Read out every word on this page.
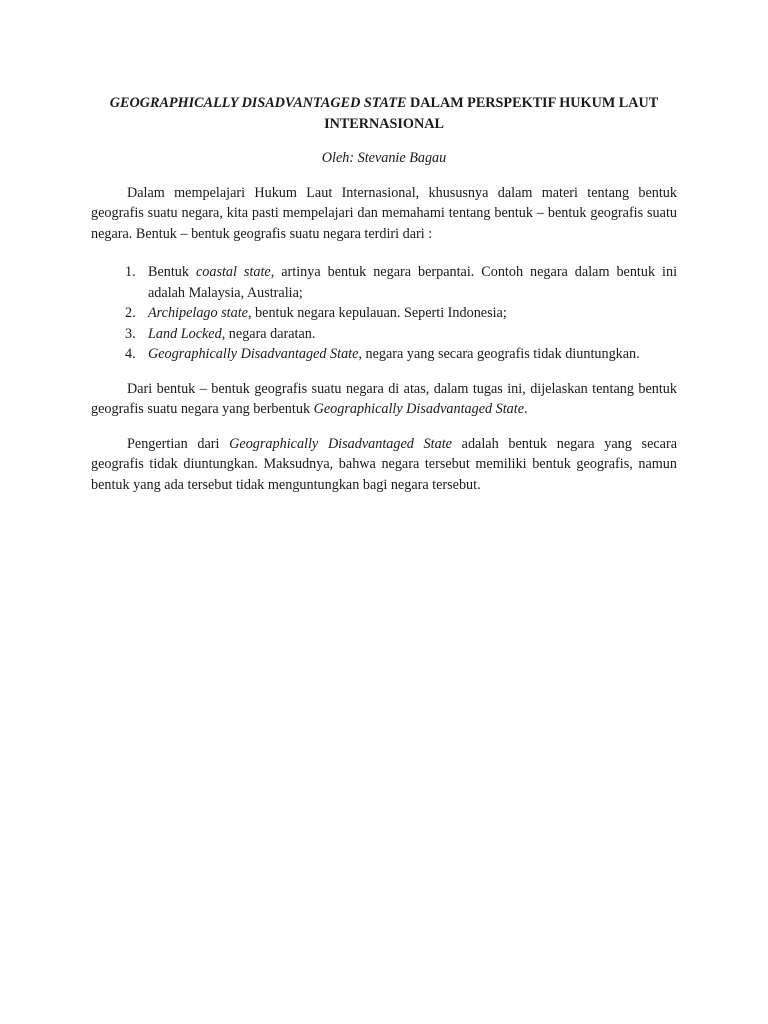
GEOGRAPHICALLY DISADVANTAGED STATE DALAM PERSPEKTIF HUKUM LAUT INTERNASIONAL

Oleh: Stevanie Bagau

Dalam mempelajari Hukum Laut Internasional, khususnya dalam materi tentang bentuk geografis suatu negara, kita pasti mempelajari dan memahami tentang bentuk – bentuk geografis suatu negara. Bentuk – bentuk geografis suatu negara terdiri dari :

1. Bentuk coastal state, artinya bentuk negara berpantai. Contoh negara dalam bentuk ini adalah Malaysia, Australia;
2. Archipelago state, bentuk negara kepulauan. Seperti Indonesia;
3. Land Locked, negara daratan.
4. Geographically Disadvantaged State, negara yang secara geografis tidak diuntungkan.

Dari bentuk – bentuk geografis suatu negara di atas, dalam tugas ini, dijelaskan tentang bentuk geografis suatu negara yang berbentuk Geographically Disadvantaged State.

Pengertian dari Geographically Disadvantaged State adalah bentuk negara yang secara geografis tidak diuntungkan. Maksudnya, bahwa negara tersebut memiliki bentuk geografis, namun bentuk yang ada tersebut tidak menguntungkan bagi negara tersebut.
